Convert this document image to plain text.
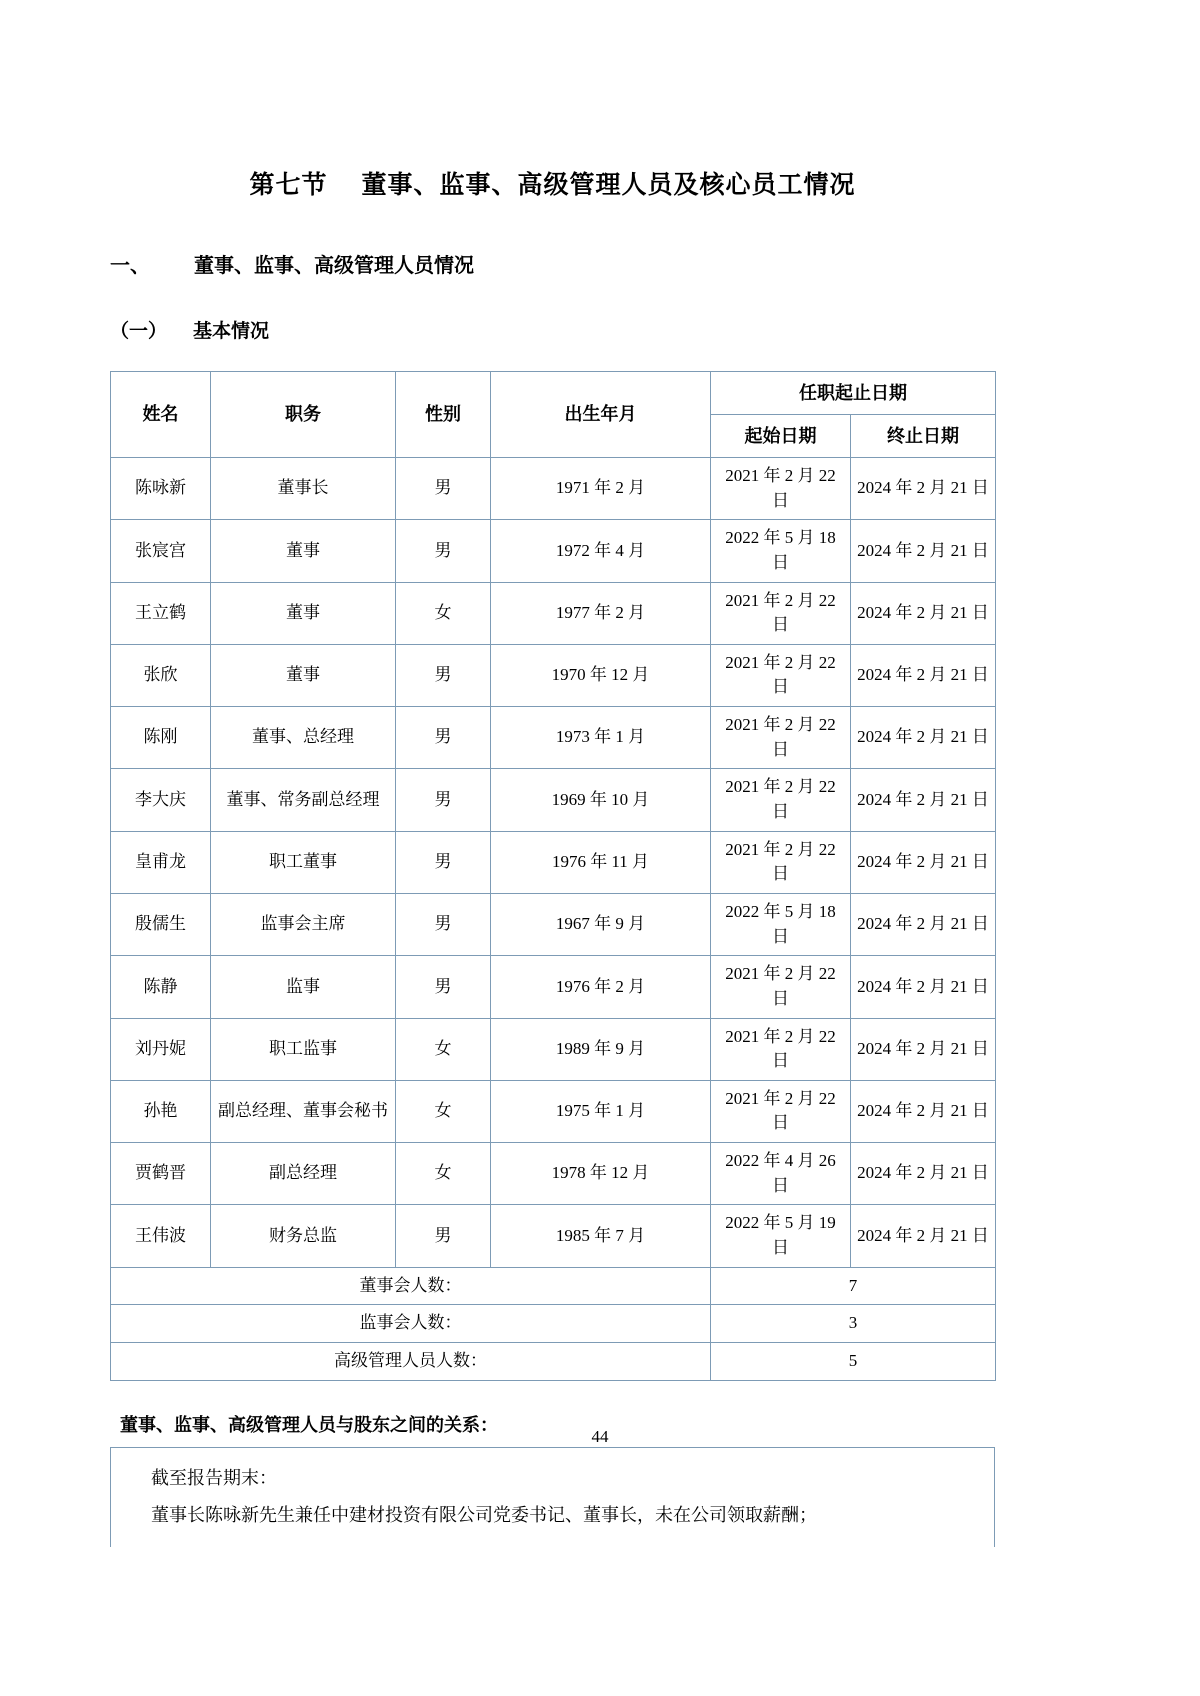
第七节 董事、监事、高级管理人员及核心员工情况
一、 董事、监事、高级管理人员情况
（一） 基本情况
姓名	职务	性别	出生年月	任职起止日期	
				起始日期	终止日期
陈咏新	董事长	男	1971 年 2 月	2021 年 2 月 22 日	2024 年 2 月 21 日
张宸宫	董事	男	1972 年 4 月	2022 年 5 月 18 日	2024 年 2 月 21 日
王立鹤	董事	女	1977 年 2 月	2021 年 2 月 22 日	2024 年 2 月 21 日
张欣	董事	男	1970 年 12 月	2021 年 2 月 22 日	2024 年 2 月 21 日
陈刚	董事、总经理	男	1973 年 1 月	2021 年 2 月 22 日	2024 年 2 月 21 日
李大庆	董事、常务副总经理	男	1969 年 10 月	2021 年 2 月 22 日	2024 年 2 月 21 日
皇甫龙	职工董事	男	1976 年 11 月	2021 年 2 月 22 日	2024 年 2 月 21 日
殷儒生	监事会主席	男	1967 年 9 月	2022 年 5 月 18 日	2024 年 2 月 21 日
陈静	监事	男	1976 年 2 月	2021 年 2 月 22 日	2024 年 2 月 21 日
刘丹妮	职工监事	女	1989 年 9 月	2021 年 2 月 22 日	2024 年 2 月 21 日
孙艳	副总经理、董事会秘书	女	1975 年 1 月	2021 年 2 月 22 日	2024 年 2 月 21 日
贾鹤晋	副总经理	女	1978 年 12 月	2022 年 4 月 26 日	2024 年 2 月 21 日
王伟波	财务总监	男	1985 年 7 月	2022 年 5 月 19 日	2024 年 2 月 21 日
董事会人数：				7	
监事会人数：				3	
高级管理人员人数：				5	
董事、监事、高级管理人员与股东之间的关系：
截至报告期末：
董事长陈咏新先生兼任中建材投资有限公司党委书记、董事长，未在公司领取薪酬；
44
